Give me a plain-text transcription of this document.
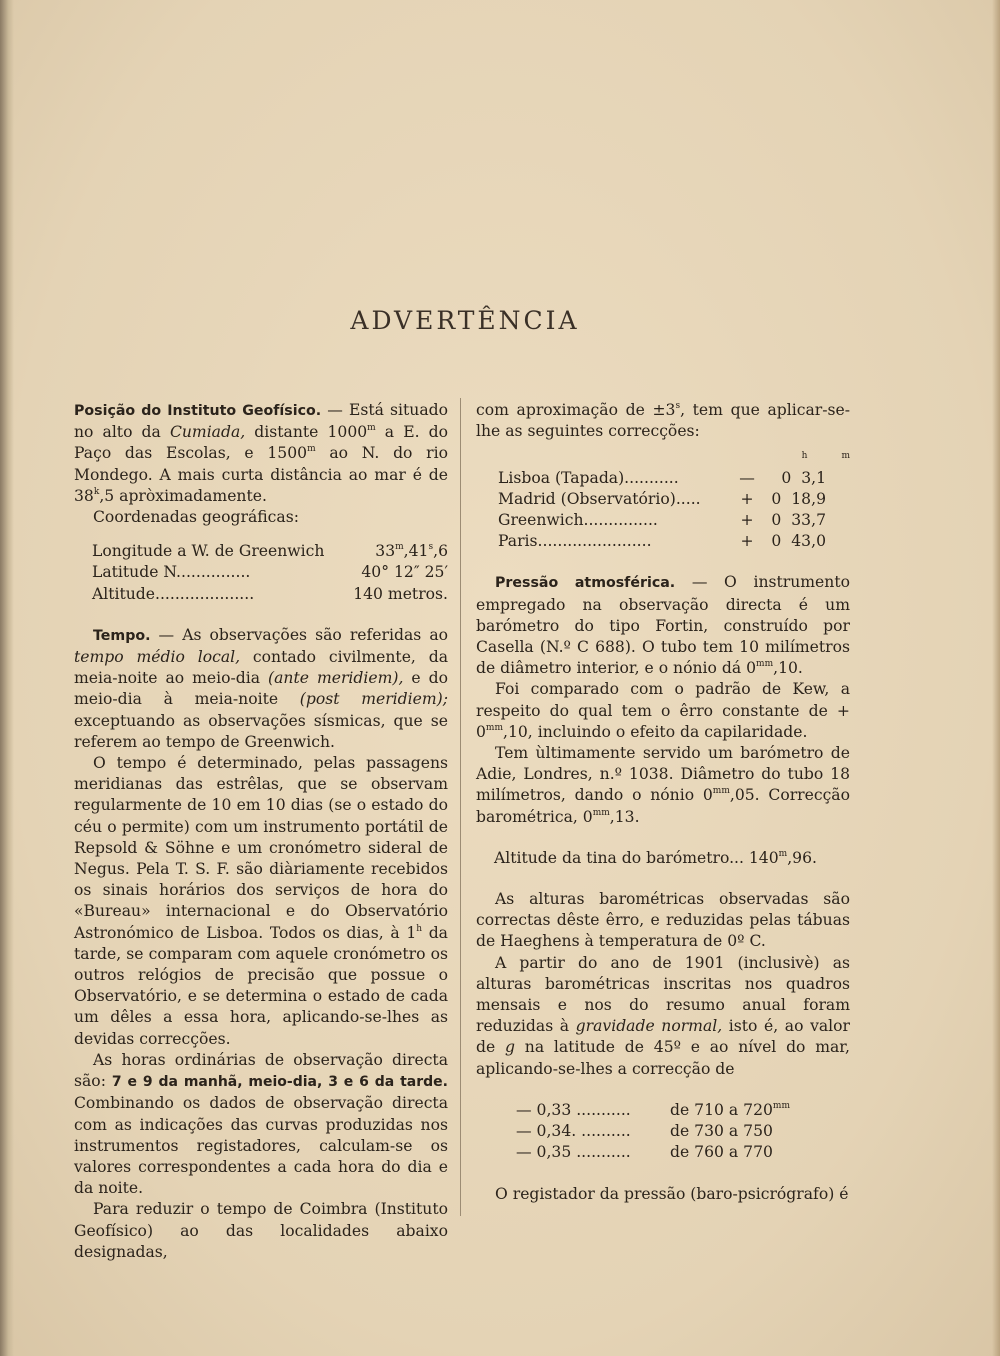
ADVERTÊNCIA

Posição do Instituto Geofísico. — Está situado no alto da Cumiada, distante 1000$^m$ a E. do Paço das Escolas, e 1500$^m$ ao N. do rio Mondego. A mais curta distância ao mar é de 38$^k$,5 apròximadamente.

Coordenadas geográficas:

Longitude a W. de Greenwich	33$^m$,41$^s$,6
Latitude N...............	40° 12″ 25′
Altitude....................	140 metros.

Tempo. — As observações são referidas ao tempo médio local, contado civilmente, da meia-noite ao meio-dia (ante meridiem), e do meio-dia à meia-noite (post meridiem); exceptuando as observações sísmicas, que se referem ao tempo de Greenwich.

O tempo é determinado, pelas passagens meridianas das estrêlas, que se observam regularmente de 10 em 10 dias (se o estado do céu o permite) com um instrumento portátil de Repsold & Söhne e um cronómetro sideral de Negus. Pela T. S. F. são diàriamente recebidos os sinais horários dos serviços de hora do «Bureau» internacional e do Observatório Astronómico de Lisboa. Todos os dias, à 1$^h$ da tarde, se comparam com aquele cronómetro os outros relógios de precisão que possue o Observatório, e se determina o estado de cada um dêles a essa hora, aplicando-se-lhes as devidas correcções.

As horas ordinárias de observação directa são: 7 e 9 da manhã, meio-dia, 3 e 6 da tarde. Combinando os dados de observação directa com as indicações das curvas produzidas nos instrumentos registadores, calculam-se os valores correspondentes a cada hora do dia e da noite.

Para reduzir o tempo de Coimbra (Instituto Geofísico) ao das localidades abaixo designadas,

com aproximação de $\pm 3^s$, tem que aplicar-se-lhe as seguintes correcções:

		h m
Lisboa (Tapada)...........	—	0 3,1
Madrid (Observatório).....	+	0 18,9
Greenwich...............	+	0 33,7
Paris.......................	+	0 43,0

Pressão atmosférica. — O instrumento empregado na observação directa é um barómetro do tipo Fortin, construído por Casella (N.º C 688). O tubo tem 10 milímetros de diâmetro interior, e o nónio dá $0^{mm},10$.

Foi comparado com o padrão de Kew, a respeito do qual tem o êrro constante de + $0^{mm},10$, incluindo o efeito da capilaridade.

Tem ùltimamente servido um barómetro de Adie, Londres, n.º 1038. Diâmetro do tubo 18 milímetros, dando o nónio $0^{mm},05$. Correcção barométrica, $0^{mm},13$.

Altitude da tina do barómetro... 140$^m$,96.

As alturas barométricas observadas são correctas dêste êrro, e reduzidas pelas tábuas de Haeghens à temperatura de 0º C.

A partir do ano de 1901 (inclusivè) as alturas barométricas inscritas nos quadros mensais e nos do resumo anual foram reduzidas à gravidade normal, isto é, ao valor de g na latitude de 45º e ao nível do mar, aplicando-se-lhes a correcção de

— 0,33 ...........	de 710 a $720^{mm}$
— 0,34. ..........	de 730 a 750
— 0,35 ...........	de 760 a 770

O registador da pressão (baro-psicrógrafo) é
